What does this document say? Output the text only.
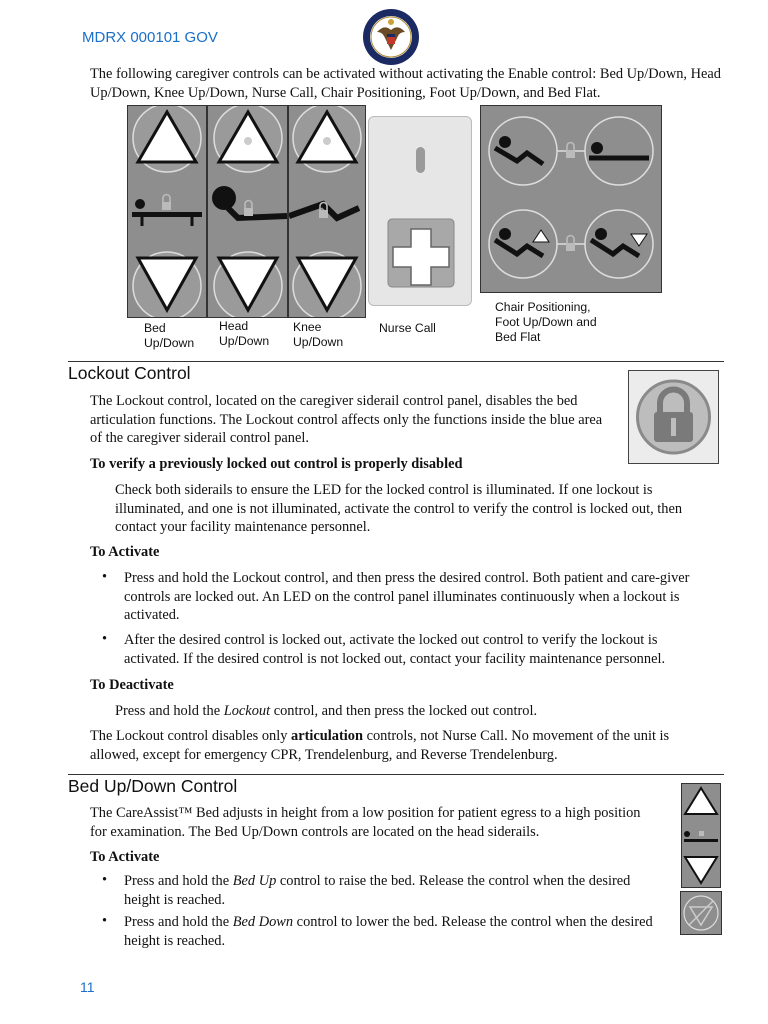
MDRX 000101 GOV
The following caregiver controls can be activated without activating the Enable control: Bed Up/Down, Head Up/Down, Knee Up/Down, Nurse Call, Chair Positioning, Foot Up/Down, and Bed Flat.
Bed
Up/Down
Head
Up/Down
Knee
Up/Down
Nurse Call
Chair Positioning,
Foot Up/Down and
Bed Flat
Lockout Control
The Lockout control, located on the caregiver siderail control panel, disables the bed
articulation functions. The Lockout control affects only the functions inside the blue area
of the caregiver siderail control panel.
To verify a previously locked out control is properly disabled
Check both siderails to ensure the LED for the locked control is illuminated. If one lockout is
illuminated, and one is not illuminated, activate the control to verify the control is locked out, then
contact your facility maintenance personnel.
To Activate
• Press and hold the Lockout control, and then press the desired control. Both patient and care-giver
controls are locked out. An LED on the control panel illuminates continuously when a lockout is
activated.
• After the desired control is locked out, activate the locked out control to verify the lockout is
activated. If the desired control is not locked out, contact your facility maintenance personnel.
To Deactivate
Press and hold the Lockout control, and then press the locked out control.
The Lockout control disables only articulation controls, not Nurse Call. No movement of the unit is
allowed, except for emergency CPR, Trendelenburg, and Reverse Trendelenburg.
Bed Up/Down Control
The CareAssist™ Bed adjusts in height from a low position for patient egress to a high position
for examination. The Bed Up/Down controls are located on the head siderails.
To Activate
• Press and hold the Bed Up control to raise the bed. Release the control when the desired
height is reached.
• Press and hold the Bed Down control to lower the bed. Release the control when the desired
height is reached.
11
